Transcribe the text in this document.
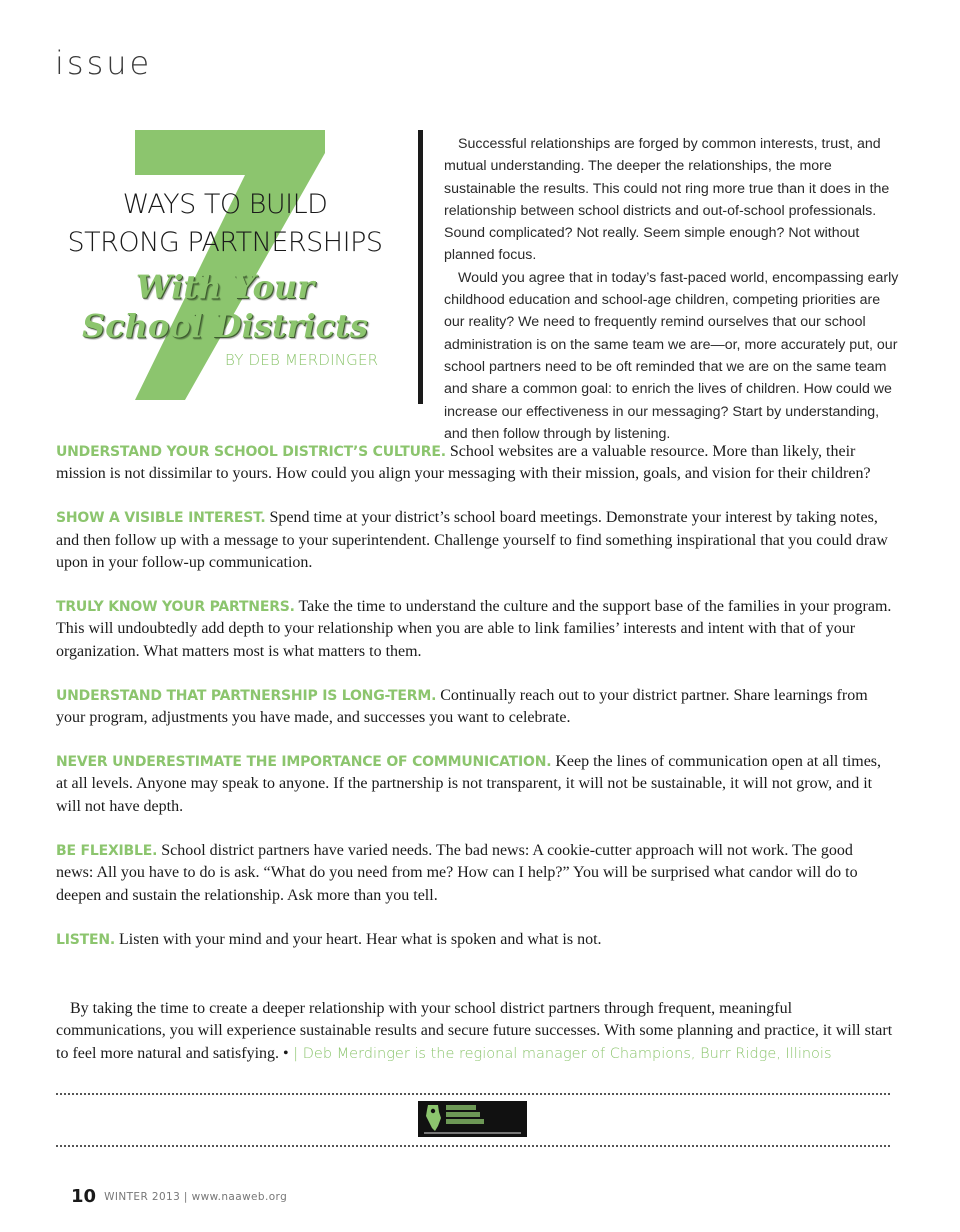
issue
WAYS TO BUILD
STRONG PARTNERSHIPS
With Your
School Districts
BY DEB MERDINGER

Successful relationships are forged by common interests, trust, and mutual understanding. The deeper the relationships, the more sustainable the results. This could not ring more true than it does in the relationship between school districts and out-of-school professionals. Sound complicated? Not really. Seem simple enough? Not without planned focus.

Would you agree that in today’s fast-paced world, encompassing early childhood education and school-age children, competing priorities are our reality? We need to frequently remind ourselves that our school administration is on the same team we are—or, more accurately put, our school partners need to be oft reminded that we are on the same team and share a common goal: to enrich the lives of children. How could we increase our effectiveness in our messaging? Start by understanding, and then follow through by listening.

UNDERSTAND YOUR SCHOOL DISTRICT’S CULTURE. School websites are a valuable resource. More than likely, their mission is not dissimilar to yours. How could you align your messaging with their mission, goals, and vision for their children?

SHOW A VISIBLE INTEREST. Spend time at your district’s school board meetings. Demonstrate your interest by taking notes, and then follow up with a message to your superintendent. Challenge yourself to find something inspirational that you could draw upon in your follow-up communication.

TRULY KNOW YOUR PARTNERS. Take the time to understand the culture and the support base of the families in your program. This will undoubtedly add depth to your relationship when you are able to link families’ interests and intent with that of your organization. What matters most is what matters to them.

UNDERSTAND THAT PARTNERSHIP IS LONG-TERM. Continually reach out to your district partner. Share learnings from your program, adjustments you have made, and successes you want to celebrate.

NEVER UNDERESTIMATE THE IMPORTANCE OF COMMUNICATION. Keep the lines of communication open at all times, at all levels. Anyone may speak to anyone. If the partnership is not transparent, it will not be sustainable, it will not grow, and it will not have depth.

BE FLEXIBLE. School district partners have varied needs. The bad news: A cookie-cutter approach will not work. The good news: All you have to do is ask. “What do you need from me? How can I help?” You will be surprised what candor will do to deepen and sustain the relationship. Ask more than you tell.

LISTEN. Listen with your mind and your heart. Hear what is spoken and what is not.

By taking the time to create a deeper relationship with your school district partners through frequent, meaningful communications, you will experience sustainable results and secure future successes. With some planning and practice, it will start to feel more natural and satisfying. • | Deb Merdinger is the regional manager of Champions, Burr Ridge, Illinois

10 WINTER 2013 | www.naaweb.org
